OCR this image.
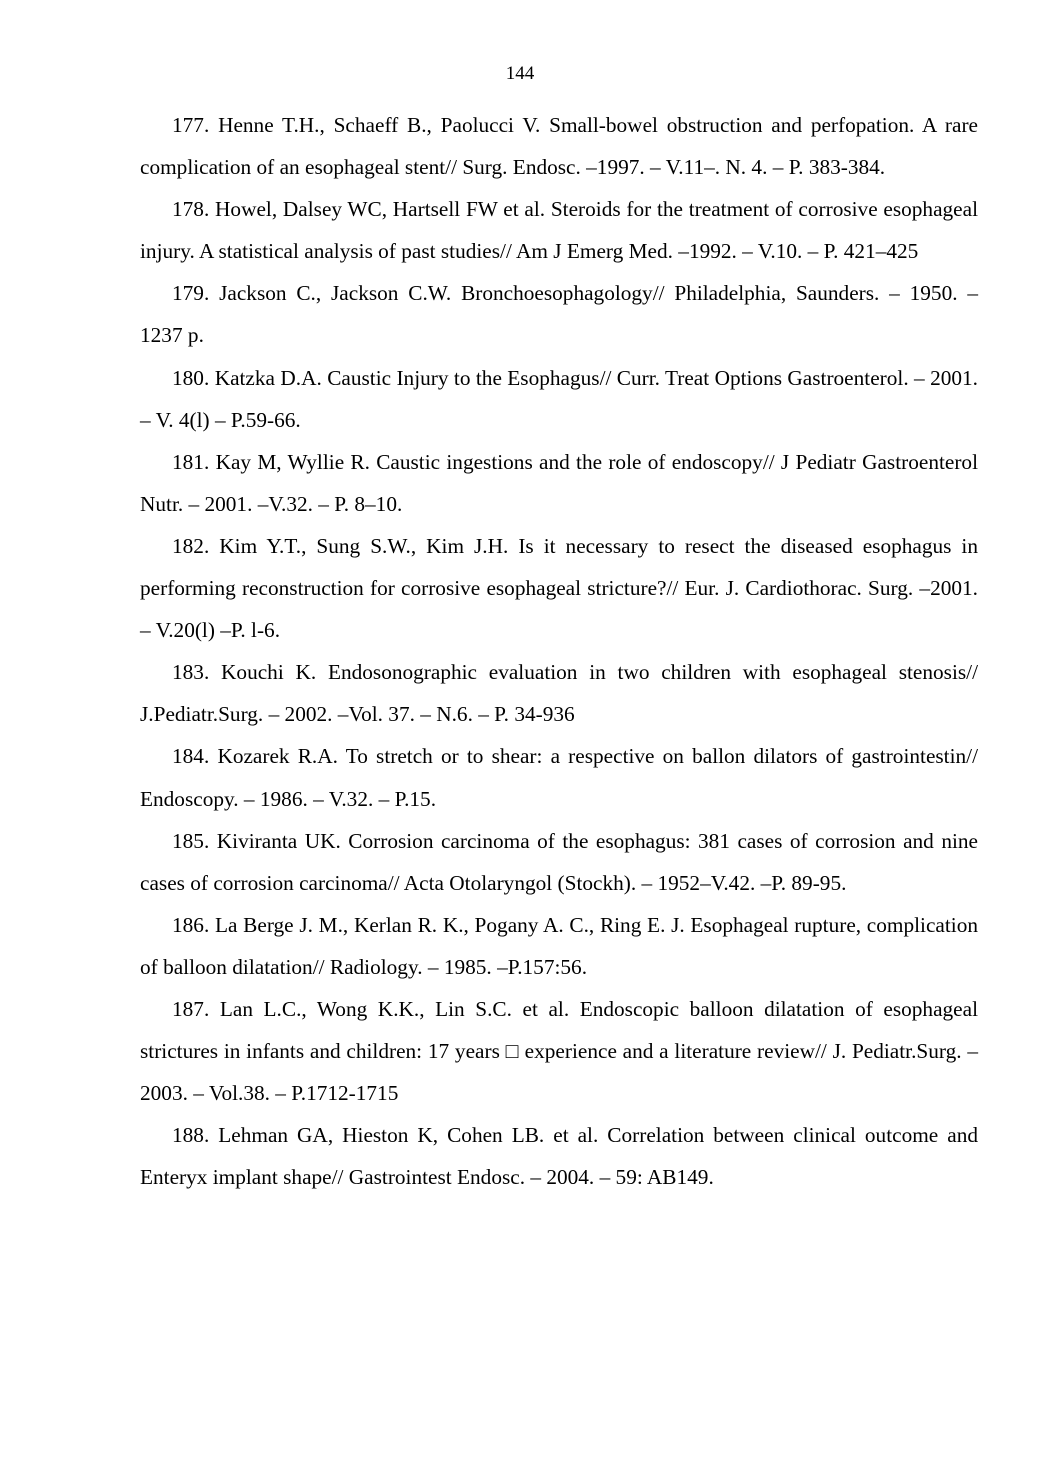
144

177. Henne T.H., Schaeff B., Paolucci V. Small-bowel obstruction and perfopation. A rare complication of an esophageal stent// Surg. Endosc. –1997. – V.11–. N. 4. – P. 383-384.

178. Howel, Dalsey WC, Hartsell FW et al. Steroids for the treatment of corrosive esophageal injury. A statistical analysis of past studies// Am J Emerg Med. –1992. – V.10. – P. 421–425

179. Jackson C., Jackson C.W. Bronchoesophagology// Philadelphia, Saunders. – 1950. – 1237 p.

180. Katzka D.A. Caustic Injury to the Esophagus// Curr. Treat Options Gastroenterol. – 2001. – V. 4(l) – P.59-66.

181. Kay M, Wyllie R. Caustic ingestions and the role of endoscopy// J Pediatr Gastroenterol Nutr. – 2001. –V.32. – P. 8–10.

182. Kim Y.T., Sung S.W., Kim J.H. Is it necessary to resect the diseased esophagus in performing reconstruction for corrosive esophageal stricture?// Eur. J. Cardiothorac. Surg. –2001. – V.20(l) –P. l-6.

183. Kouchi K. Endosonographic evaluation in two children with esophageal stenosis// J.Pediatr.Surg. – 2002. –Vol. 37. – N.6. – P. 34-936

184. Kozarek R.A. To stretch or to shear: a respective on ballon dilators of gastrointestin// Endoscopy. – 1986. – V.32. – P.15.

185. Kiviranta UK. Corrosion carcinoma of the esophagus: 381 cases of corrosion and nine cases of corrosion carcinoma// Acta Otolaryngol (Stockh). – 1952–V.42. –P. 89-95.

186. La Berge J. M., Kerlan R. K., Pogany A. C., Ring E. J. Esophageal rupture, complication of balloon dilatation// Radiology. – 1985. –P.157:56.

187. Lan L.C., Wong K.K., Lin S.C. et al. Endoscopic balloon dilatation of esophageal strictures in infants and children: 17 years □ experience and a literature review// J. Pediatr.Surg. – 2003. – Vol.38. – P.1712-1715

188. Lehman GA, Hieston K, Cohen LB. et al. Correlation between clinical outcome and Enteryx implant shape// Gastrointest Endosc. – 2004. – 59: AB149.
